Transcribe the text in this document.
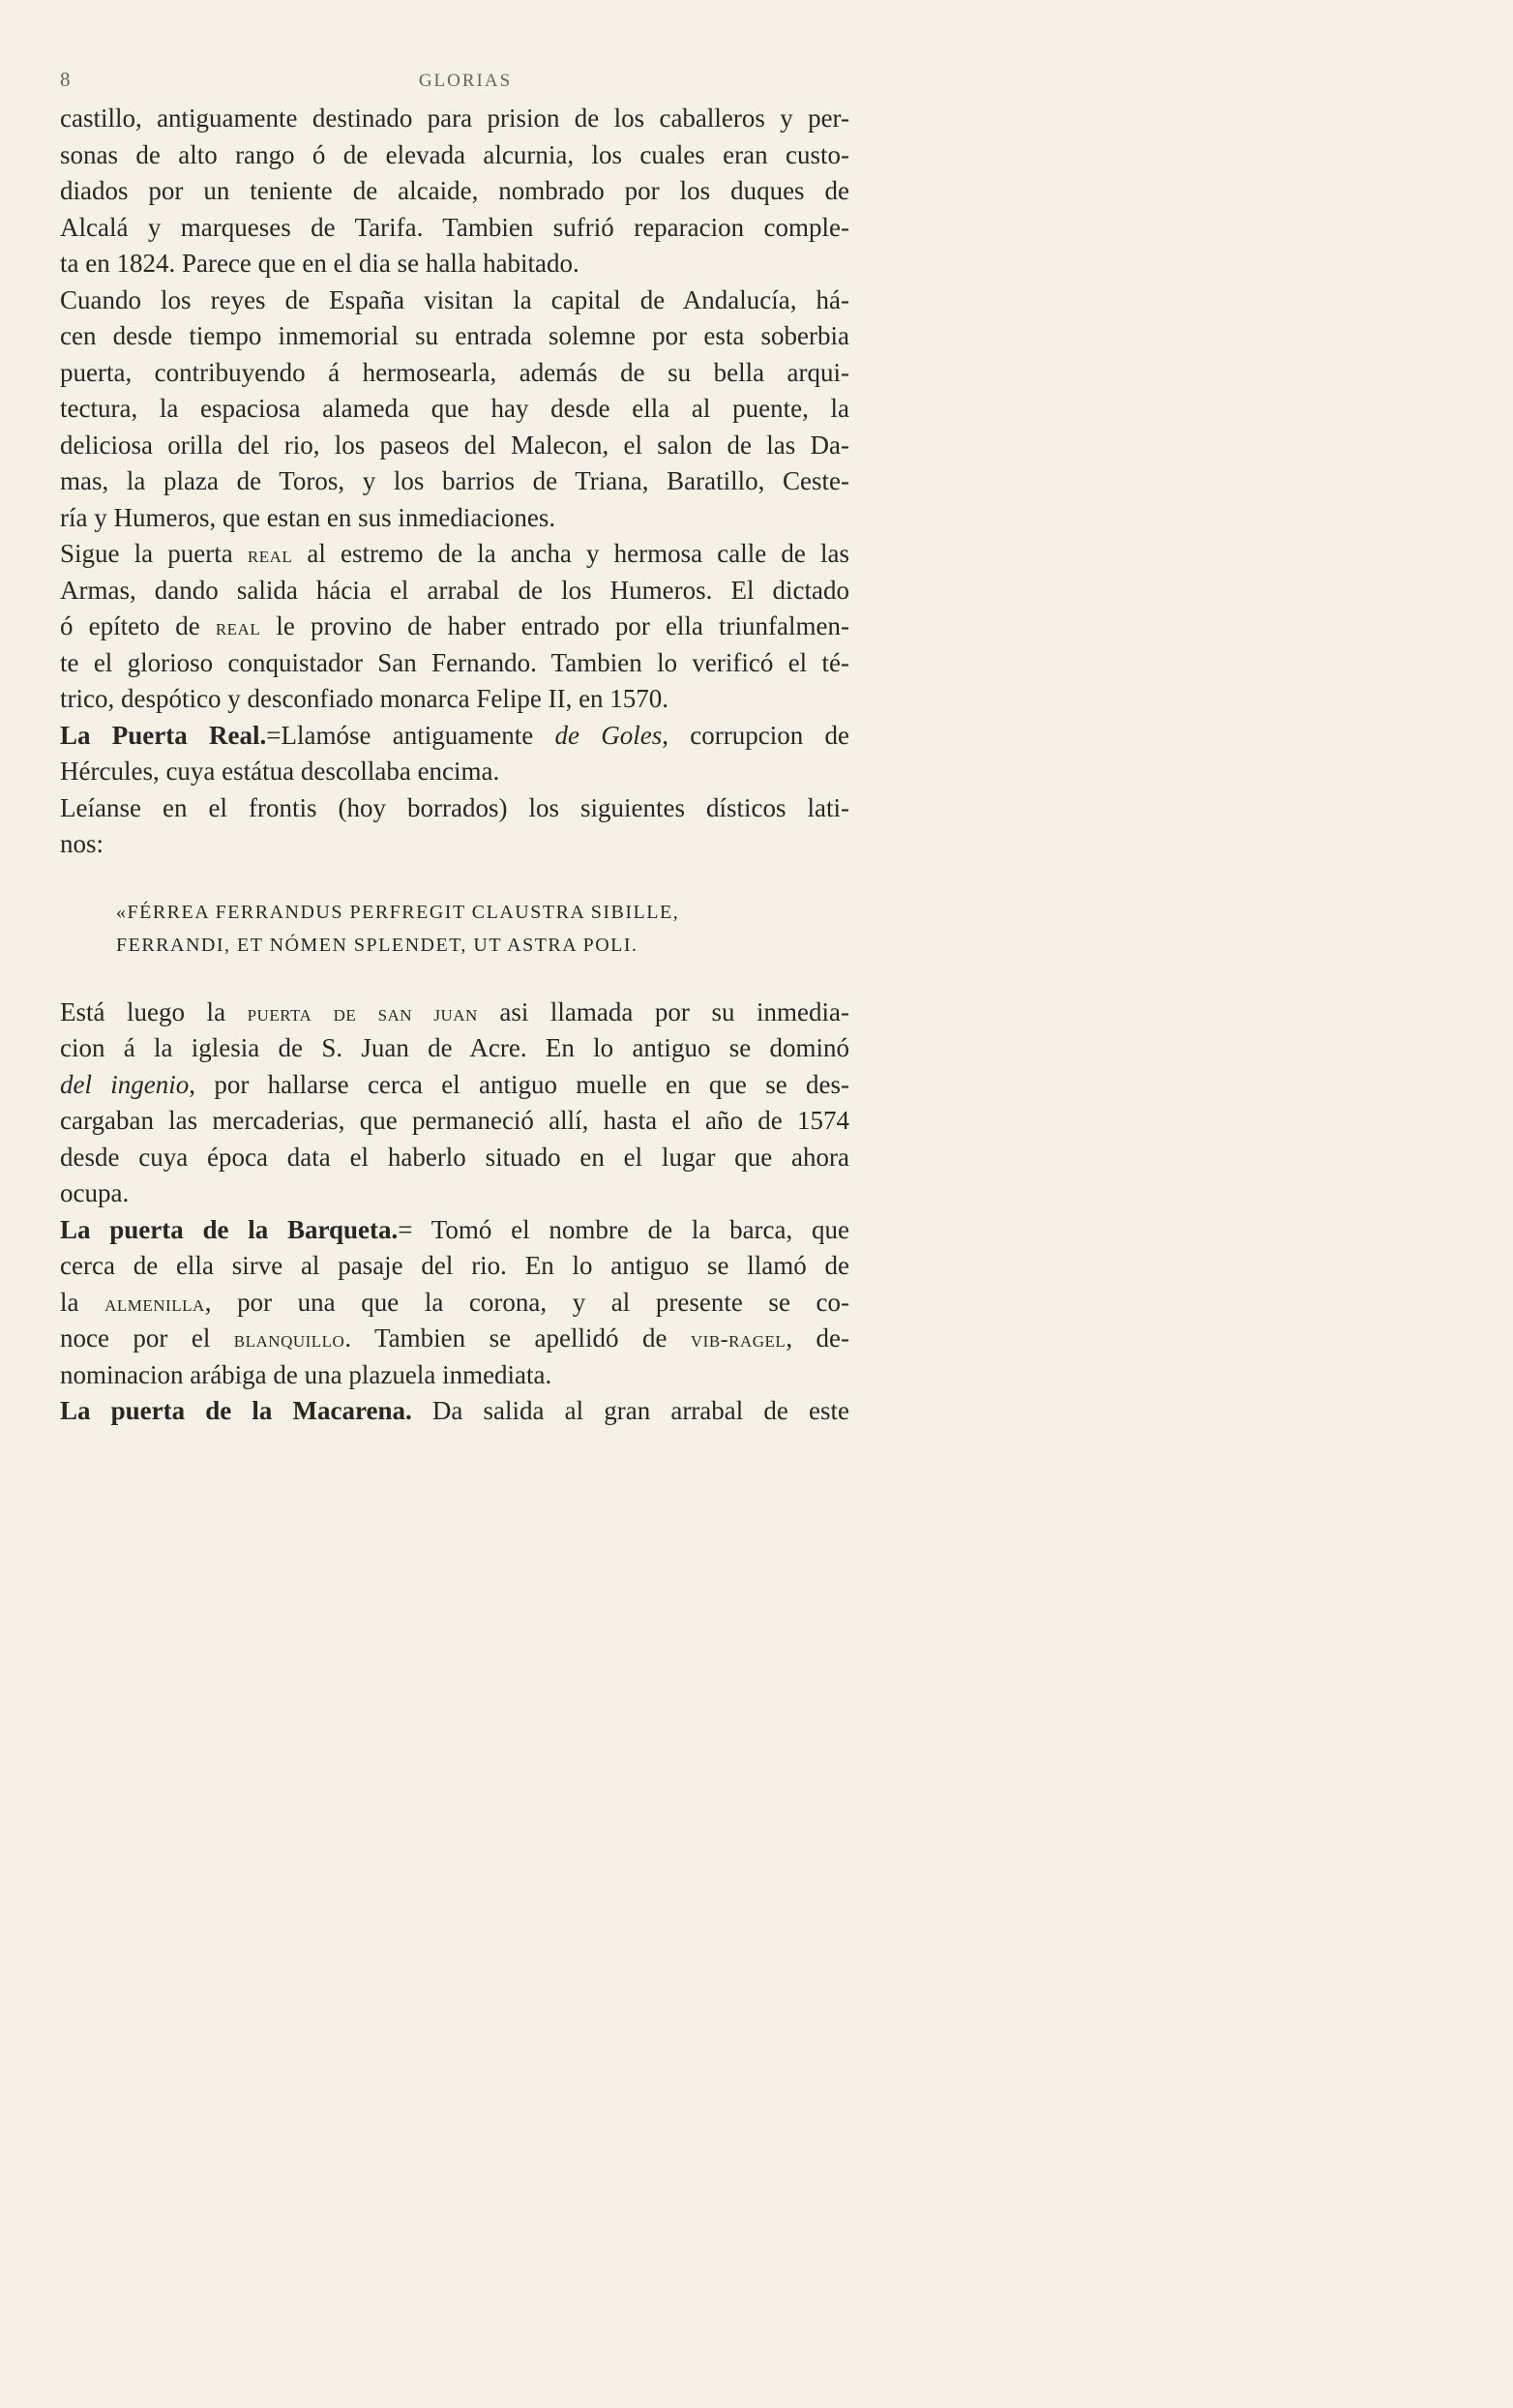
8	GLORIAS
castillo, antiguamente destinado para prision de los caballeros y per-
sonas de alto rango ó de elevada alcurnia, los cuales eran custo-
diados por un teniente de alcaide, nombrado por los duques de
Alcalá y marqueses de Tarifa. Tambien sufrió reparacion comple-
ta en 1824. Parece que en el dia se halla habitado.
Cuando los reyes de España visitan la capital de Andalucía, há-
cen desde tiempo inmemorial su entrada solemne por esta soberbia
puerta, contribuyendo á hermosearla, además de su bella arqui-
tectura, la espaciosa alameda que hay desde ella al puente, la
deliciosa orilla del rio, los paseos del Malecon, el salon de las Da-
mas, la plaza de Toros, y los barrios de Triana, Baratillo, Ceste-
ría y Humeros, que estan en sus inmediaciones.
Sigue la puerta real al estremo de la ancha y hermosa calle de las
Armas, dando salida hácia el arrabal de los Humeros. El dictado
ó epíteto de real le provino de haber entrado por ella triunfalmen-
te el glorioso conquistador San Fernando. Tambien lo verificó el té-
trico, despótico y desconfiado monarca Felipe II, en 1570.
La Puerta Real.=Llamóse antiguamente de Goles, corrupcion de
Hércules, cuya estátua descollaba encima.
Leíanse en el frontis (hoy borrados) los siguientes dísticos lati-
nos:
«FÉRREA FERRANDUS PERFREGIT CLAUSTRA SIBILLE,
FERRANDI, ET NÓMEN SPLENDET, UT ASTRA POLI.
Está luego la puerta de san juan asi llamada por su inmedia-
cion á la iglesia de S. Juan de Acre. En lo antiguo se dominó
del ingenio, por hallarse cerca el antiguo muelle en que se des-
cargaban las mercaderias, que permaneció allí, hasta el año de 1574
desde cuya época data el haberlo situado en el lugar que ahora
ocupa.
La puerta de la Barqueta.= Tomó el nombre de la barca, que
cerca de ella sirve al pasaje del rio. En lo antiguo se llamó de
la almenilla, por una que la corona, y al presente se co-
noce por el blanquillo. Tambien se apellidó de vib-ragel, de-
nominacion arábiga de una plazuela inmediata.
La puerta de la Macarena. Da salida al gran arrabal de este
